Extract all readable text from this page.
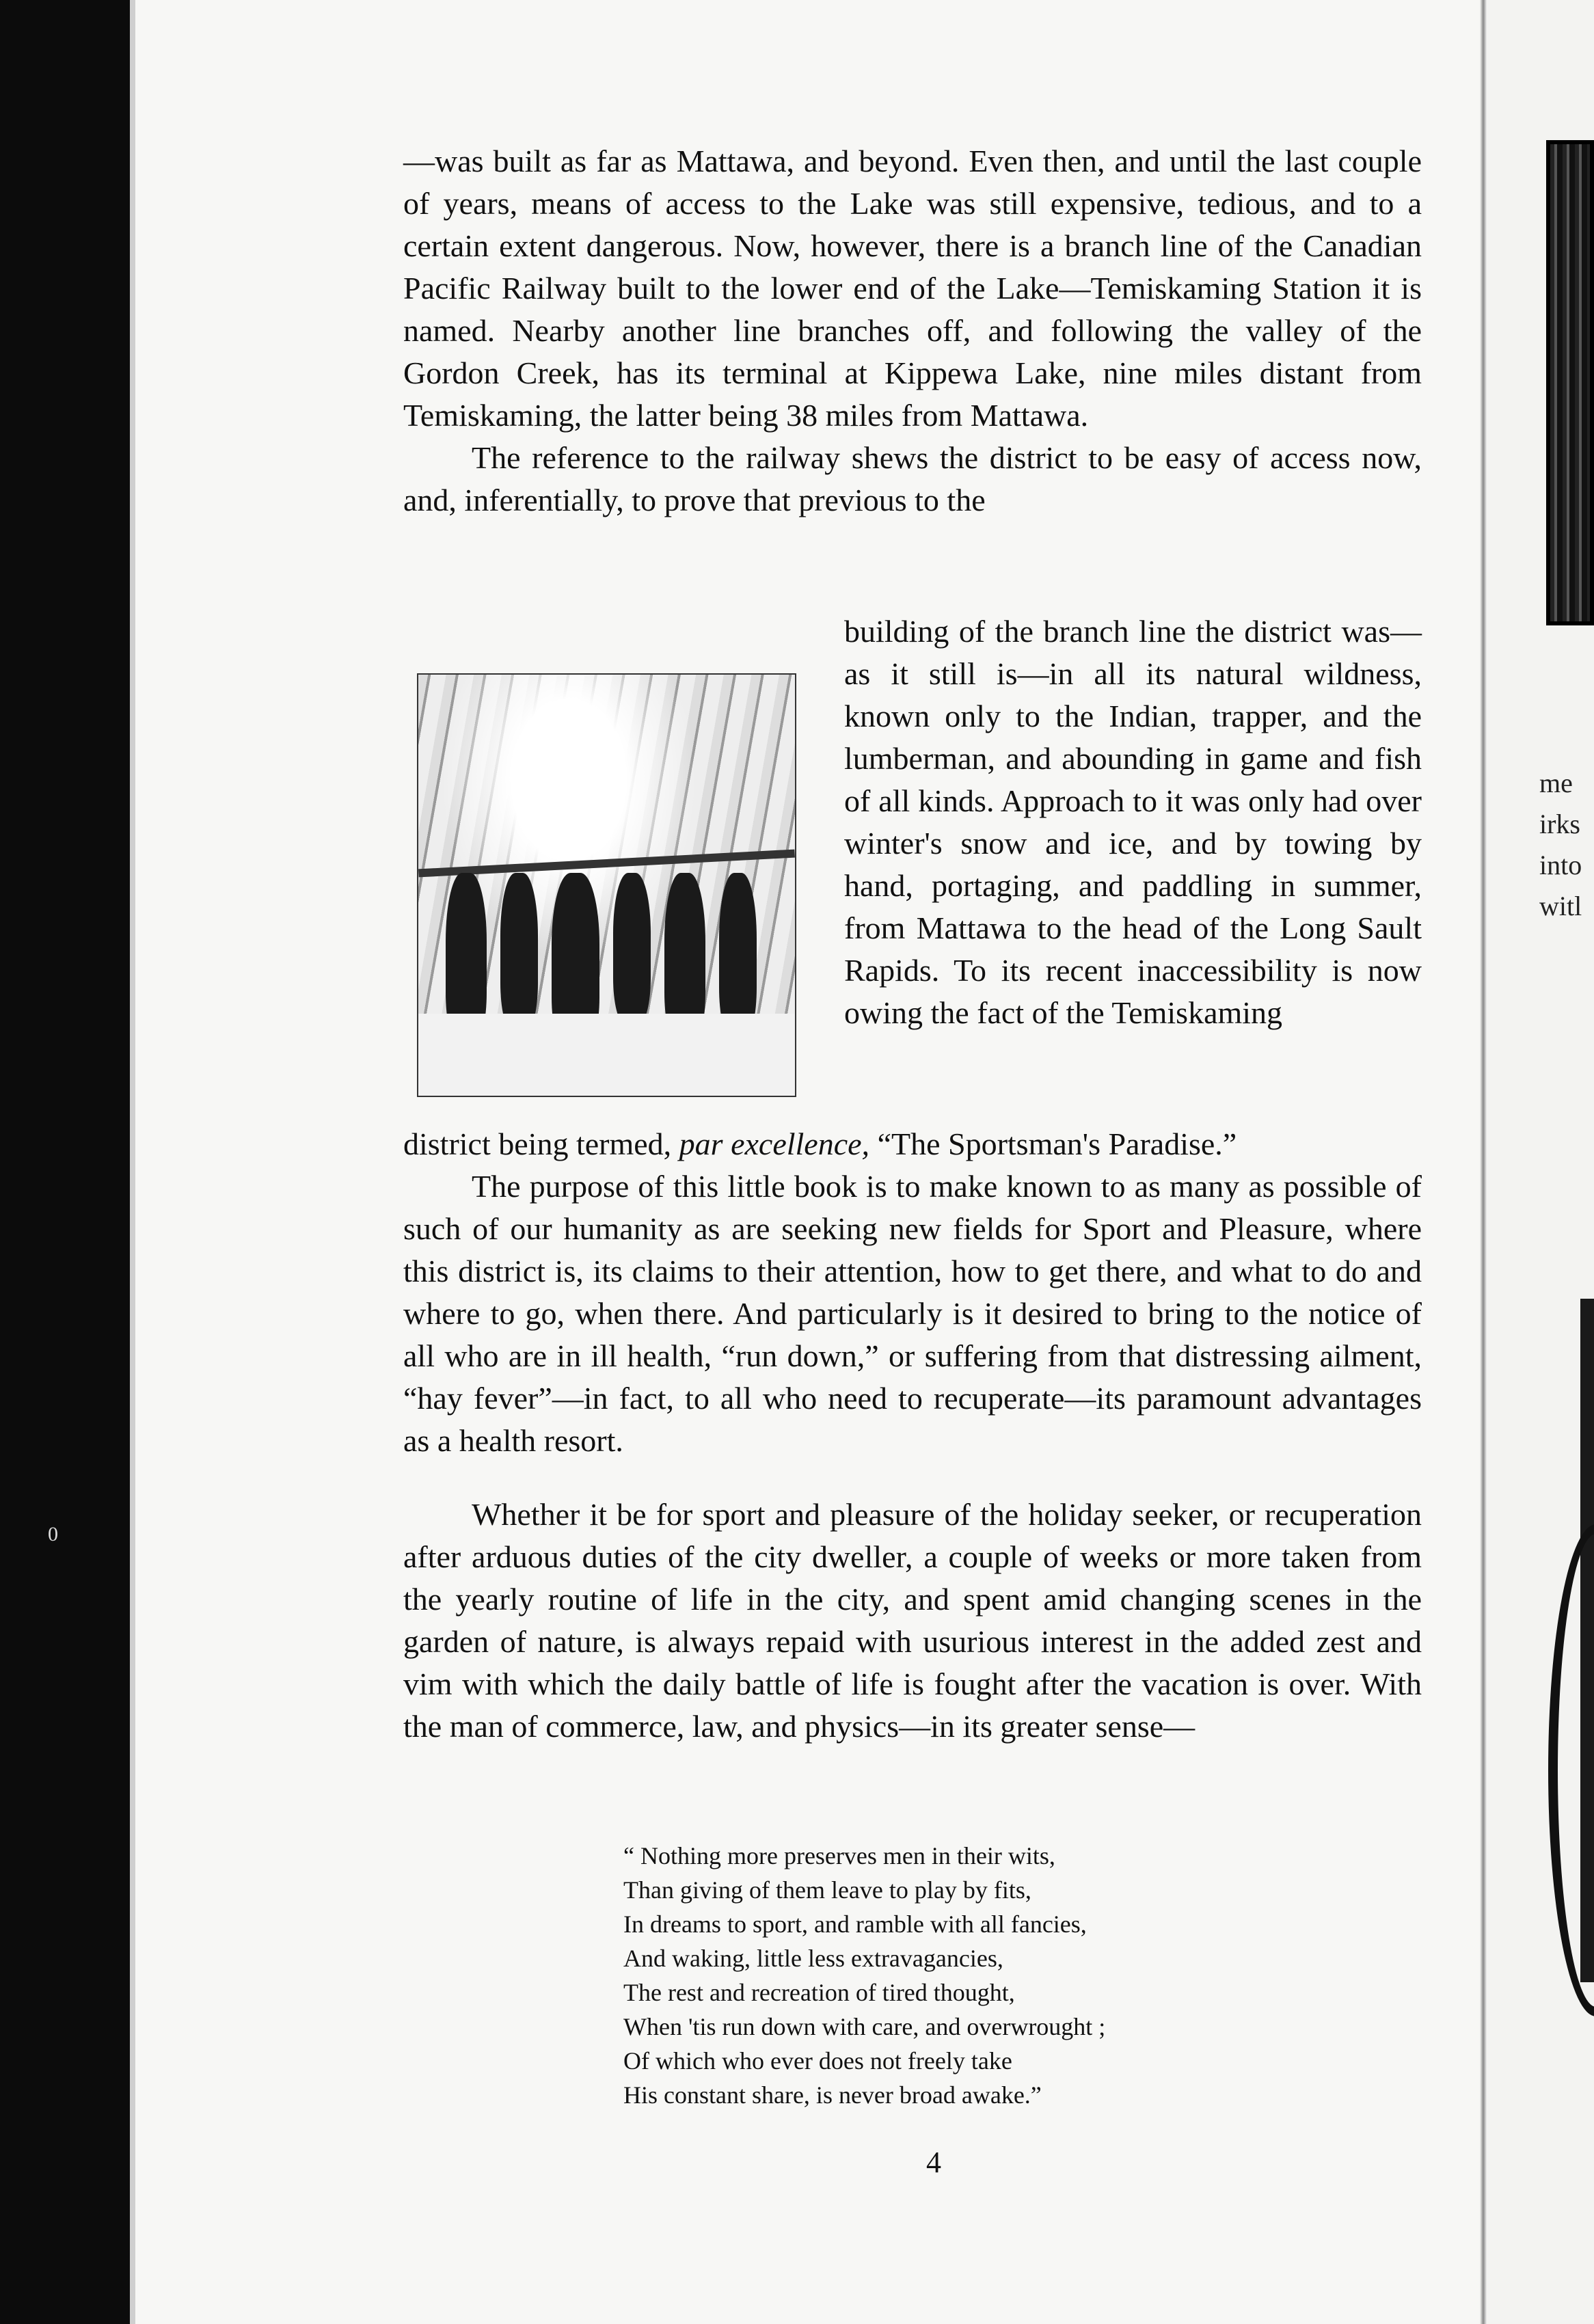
0
me
irks
into
witl

—was built as far as Mattawa, and beyond. Even then, and until the last couple of years, means of access to the Lake was still expensive, tedious, and to a certain extent dangerous. Now, however, there is a branch line of the Canadian Pacific Railway built to the lower end of the Lake—Temiskaming Station it is named. Nearby another line branches off, and following the valley of the Gordon Creek, has its terminal at Kippewa Lake, nine miles distant from Temiskaming, the latter being 38 miles from Mattawa.

The reference to the railway shews the district to be easy of access now, and, inferentially, to prove that previous to the

building of the branch line the district was—as it still is—in all its natural wildness, known only to the Indian, trapper, and the lumberman, and abounding in game and fish of all kinds. Approach to it was only had over winter's snow and ice, and by towing by hand, portaging, and paddling in summer, from Mattawa to the head of the Long Sault Rapids. To its recent inaccessibility is now owing the fact of the Temiskaming

district being termed, par excellence, “The Sportsman's Paradise.”

The purpose of this little book is to make known to as many as possible of such of our humanity as are seeking new fields for Sport and Pleasure, where this district is, its claims to their attention, how to get there, and what to do and where to go, when there. And particularly is it desired to bring to the notice of all who are in ill health, “run down,” or suffering from that distressing ailment, “hay fever”—in fact, to all who need to recuperate—its paramount advantages as a health resort.

Whether it be for sport and pleasure of the holiday seeker, or recuperation after arduous duties of the city dweller, a couple of weeks or more taken from the yearly routine of life in the city, and spent amid changing scenes in the garden of nature, is always repaid with usurious interest in the added zest and vim with which the daily battle of life is fought after the vacation is over. With the man of commerce, law, and physics—in its greater sense—

“ Nothing more preserves men in their wits,
Than giving of them leave to play by fits,
In dreams to sport, and ramble with all fancies,
And waking, little less extravagancies,
The rest and recreation of tired thought,
When 'tis run down with care, and overwrought ;
Of which who ever does not freely take
His constant share, is never broad awake.”
4
